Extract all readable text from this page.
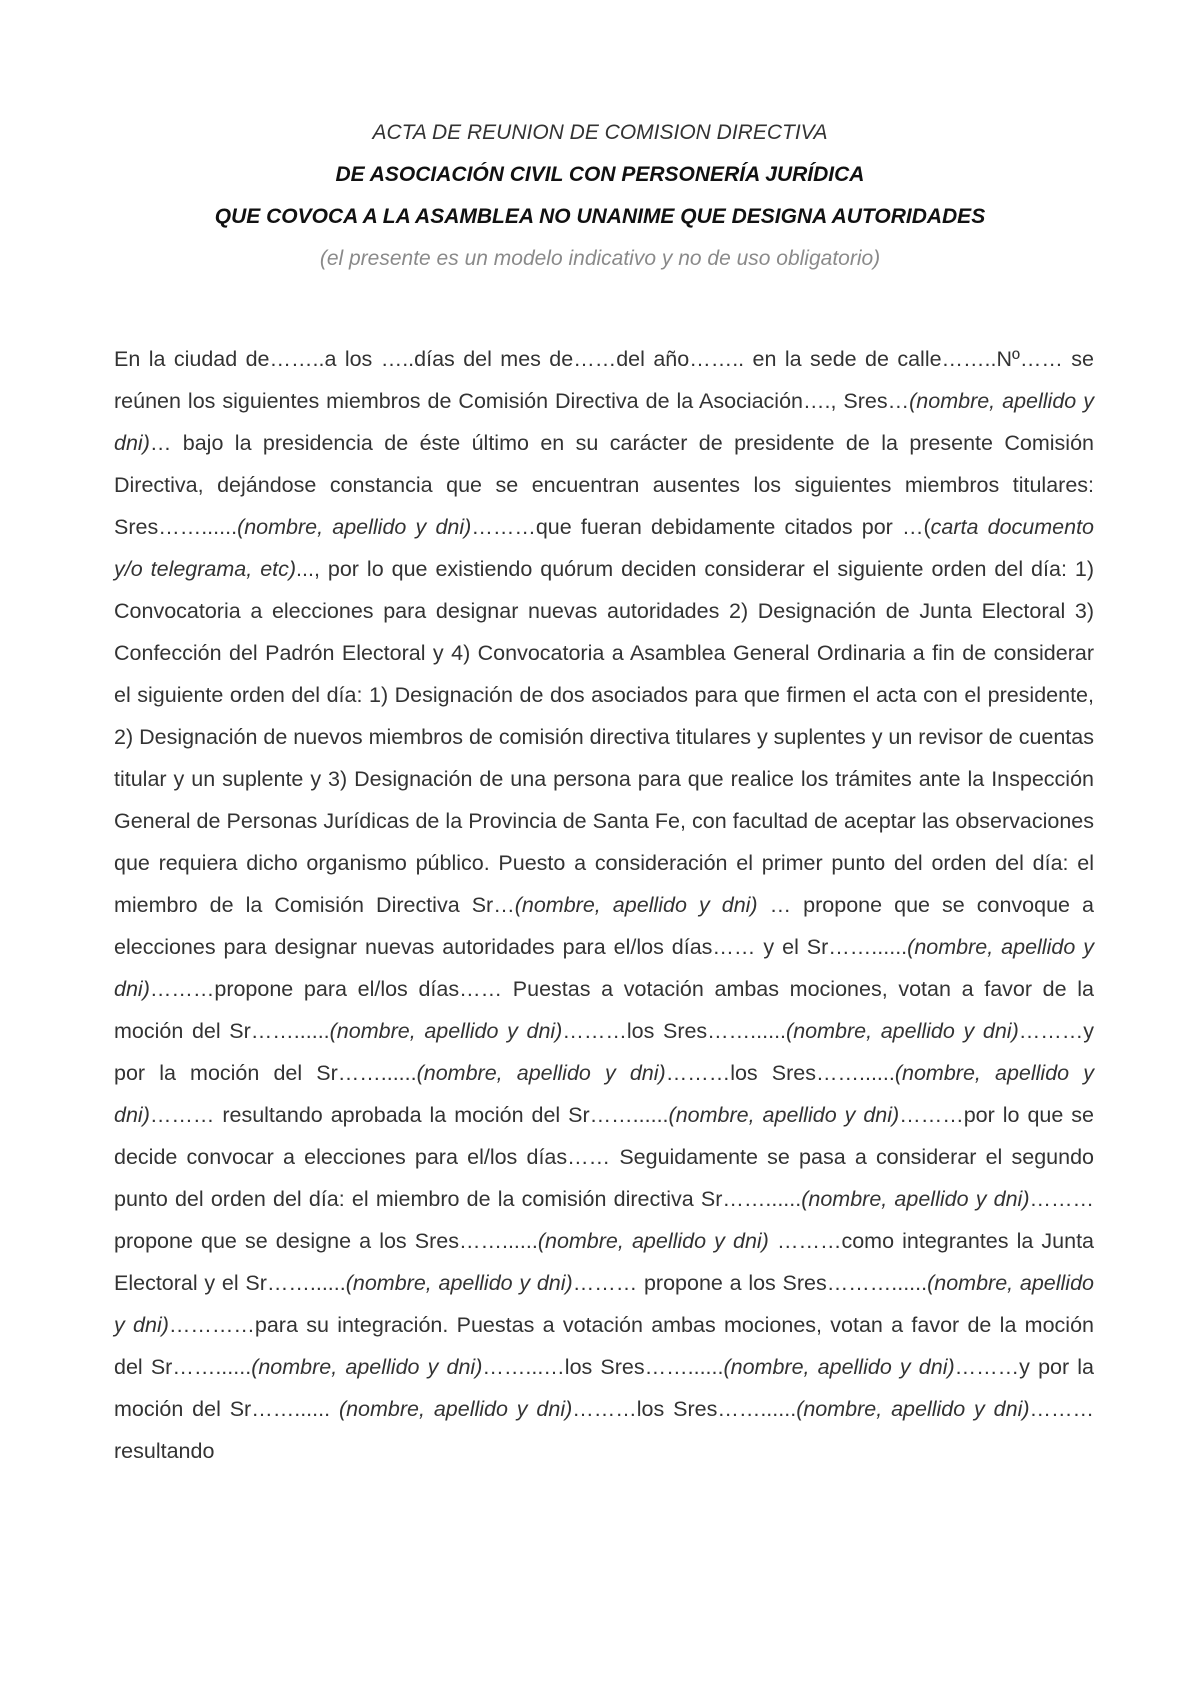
ACTA DE REUNION DE COMISION DIRECTIVA
DE ASOCIACIÓN CIVIL CON PERSONERÍA JURÍDICA
QUE COVOCA A LA ASAMBLEA NO UNANIME QUE DESIGNA AUTORIDADES
(el presente es un modelo indicativo y no de uso obligatorio)
En la ciudad de……..a los …..días del mes de……del año…….. en la sede de calle……..Nº…… se reúnen los siguientes miembros de Comisión Directiva de la Asociación…., Sres…(nombre, apellido y dni)… bajo la presidencia de éste último en su carácter de presidente de la presente Comisión Directiva, dejándose constancia que se encuentran ausentes los siguientes miembros titulares: Sres……......(nombre, apellido y dni)………que fueran debidamente citados por …(carta documento y/o telegrama, etc)..., por lo que existiendo quórum deciden considerar el siguiente orden del día: 1) Convocatoria a elecciones para designar nuevas autoridades 2) Designación de Junta Electoral 3) Confección del Padrón Electoral y 4) Convocatoria a Asamblea General Ordinaria a fin de considerar el siguiente orden del día: 1) Designación de dos asociados para que firmen el acta con el presidente, 2) Designación de nuevos miembros de comisión directiva titulares y suplentes y un revisor de cuentas titular y un suplente y 3) Designación de una persona para que realice los trámites ante la Inspección General de Personas Jurídicas de la Provincia de Santa Fe, con facultad de aceptar las observaciones que requiera dicho organismo público. Puesto a consideración el primer punto del orden del día: el miembro de la Comisión Directiva Sr…(nombre, apellido y dni) … propone que se convoque a elecciones para designar nuevas autoridades para el/los días…… y el Sr……......(nombre, apellido y dni)………propone para el/los días…… Puestas a votación ambas mociones, votan a favor de la moción del Sr……......(nombre, apellido y dni)………los Sres……......(nombre, apellido y dni)………y por la moción del Sr……......(nombre, apellido y dni)………los Sres……......(nombre, apellido y dni)……… resultando aprobada la moción del Sr……......(nombre, apellido y dni)………por lo que se decide convocar a elecciones para el/los días…… Seguidamente se pasa a considerar el segundo punto del orden del día: el miembro de la comisión directiva Sr……......(nombre, apellido y dni)………propone que se designe a los Sres……......(nombre, apellido y dni) ………como integrantes la Junta Electoral y el Sr……......(nombre, apellido y dni)……… propone a los Sres………......(nombre, apellido y dni)…………para su integración. Puestas a votación ambas mociones, votan a favor de la moción del Sr……......(nombre, apellido y dni)……...…los Sres……......(nombre, apellido y dni)………y por la moción del Sr……...... (nombre, apellido y dni)………los Sres……......(nombre, apellido y dni)………resultando
